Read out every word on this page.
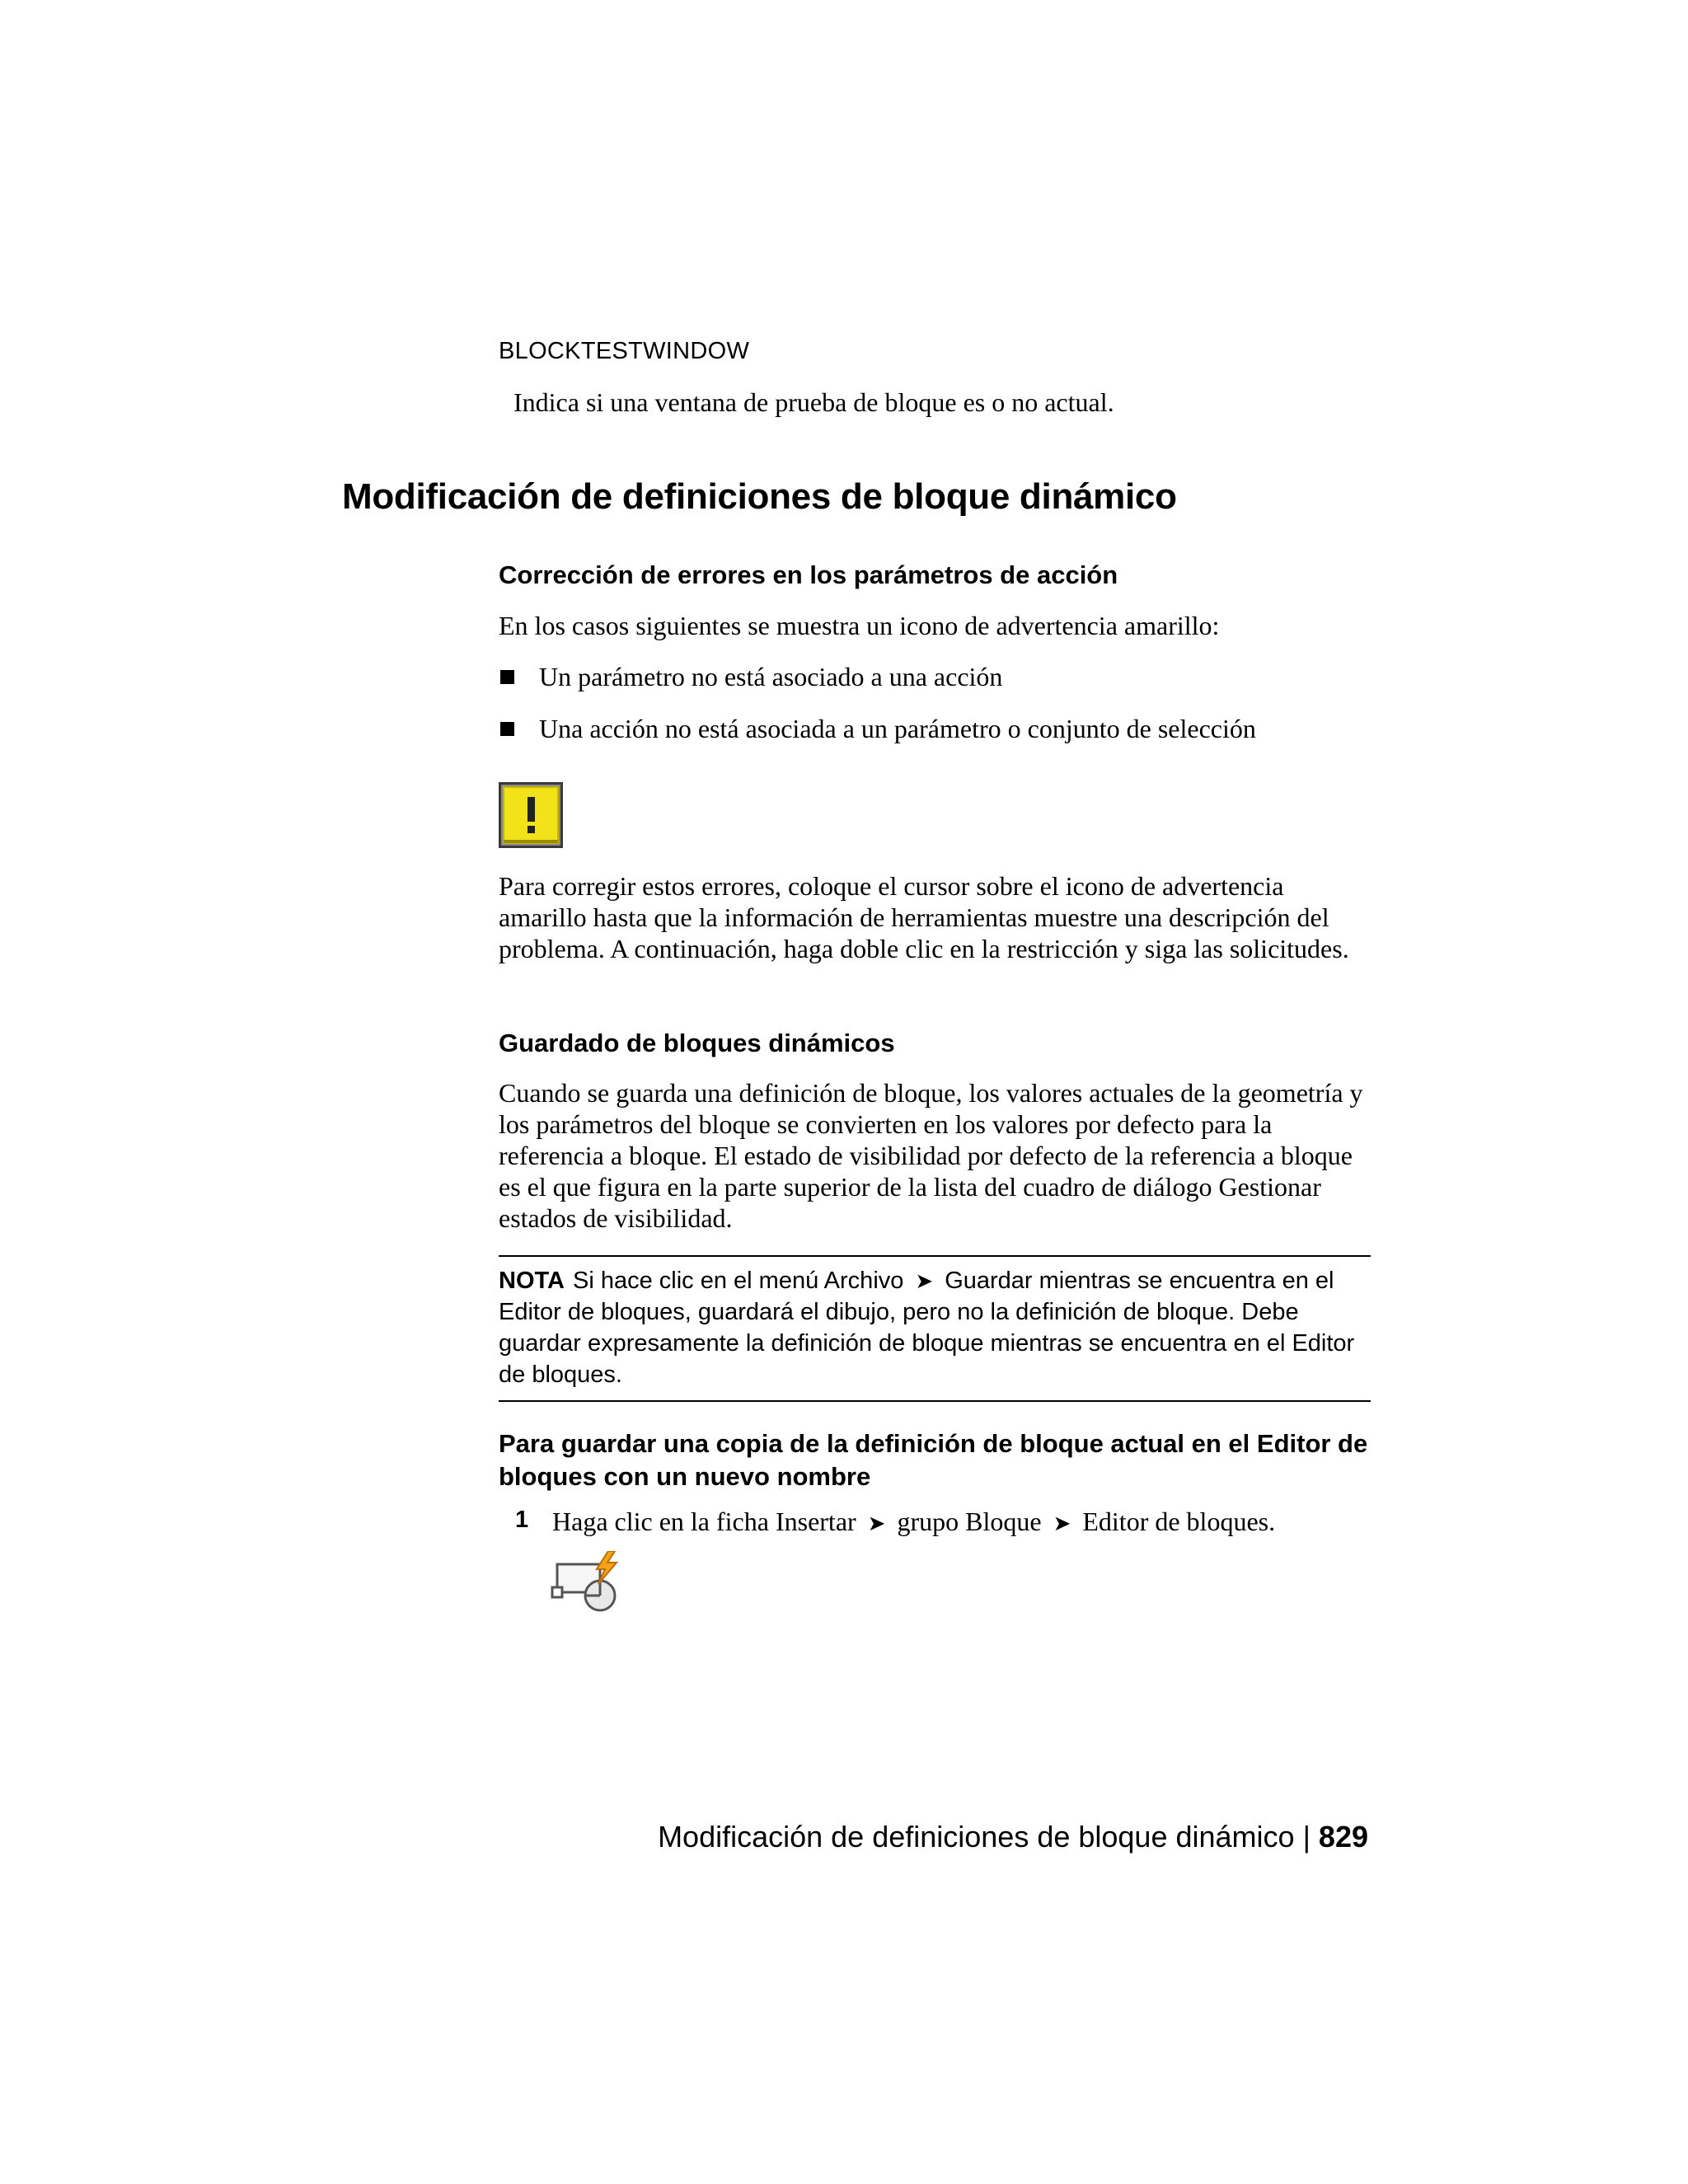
BLOCKTESTWINDOW
Indica si una ventana de prueba de bloque es o no actual.
Modificación de definiciones de bloque dinámico
Corrección de errores en los parámetros de acción
En los casos siguientes se muestra un icono de advertencia amarillo:
Un parámetro no está asociado a una acción
Una acción no está asociada a un parámetro o conjunto de selección
Para corregir estos errores, coloque el cursor sobre el icono de advertencia amarillo hasta que la información de herramientas muestre una descripción del problema. A continuación, haga doble clic en la restricción y siga las solicitudes.
Guardado de bloques dinámicos
Cuando se guarda una definición de bloque, los valores actuales de la geometría y los parámetros del bloque se convierten en los valores por defecto para la referencia a bloque. El estado de visibilidad por defecto de la referencia a bloque es el que figura en la parte superior de la lista del cuadro de diálogo Gestionar estados de visibilidad.
NOTA Si hace clic en el menú Archivo ➤ Guardar mientras se encuentra en el Editor de bloques, guardará el dibujo, pero no la definición de bloque. Debe guardar expresamente la definición de bloque mientras se encuentra en el Editor de bloques.
Para guardar una copia de la definición de bloque actual en el Editor de bloques con un nuevo nombre
1 Haga clic en la ficha Insertar ➤ grupo Bloque ➤ Editor de bloques.
Modificación de definiciones de bloque dinámico | 829
